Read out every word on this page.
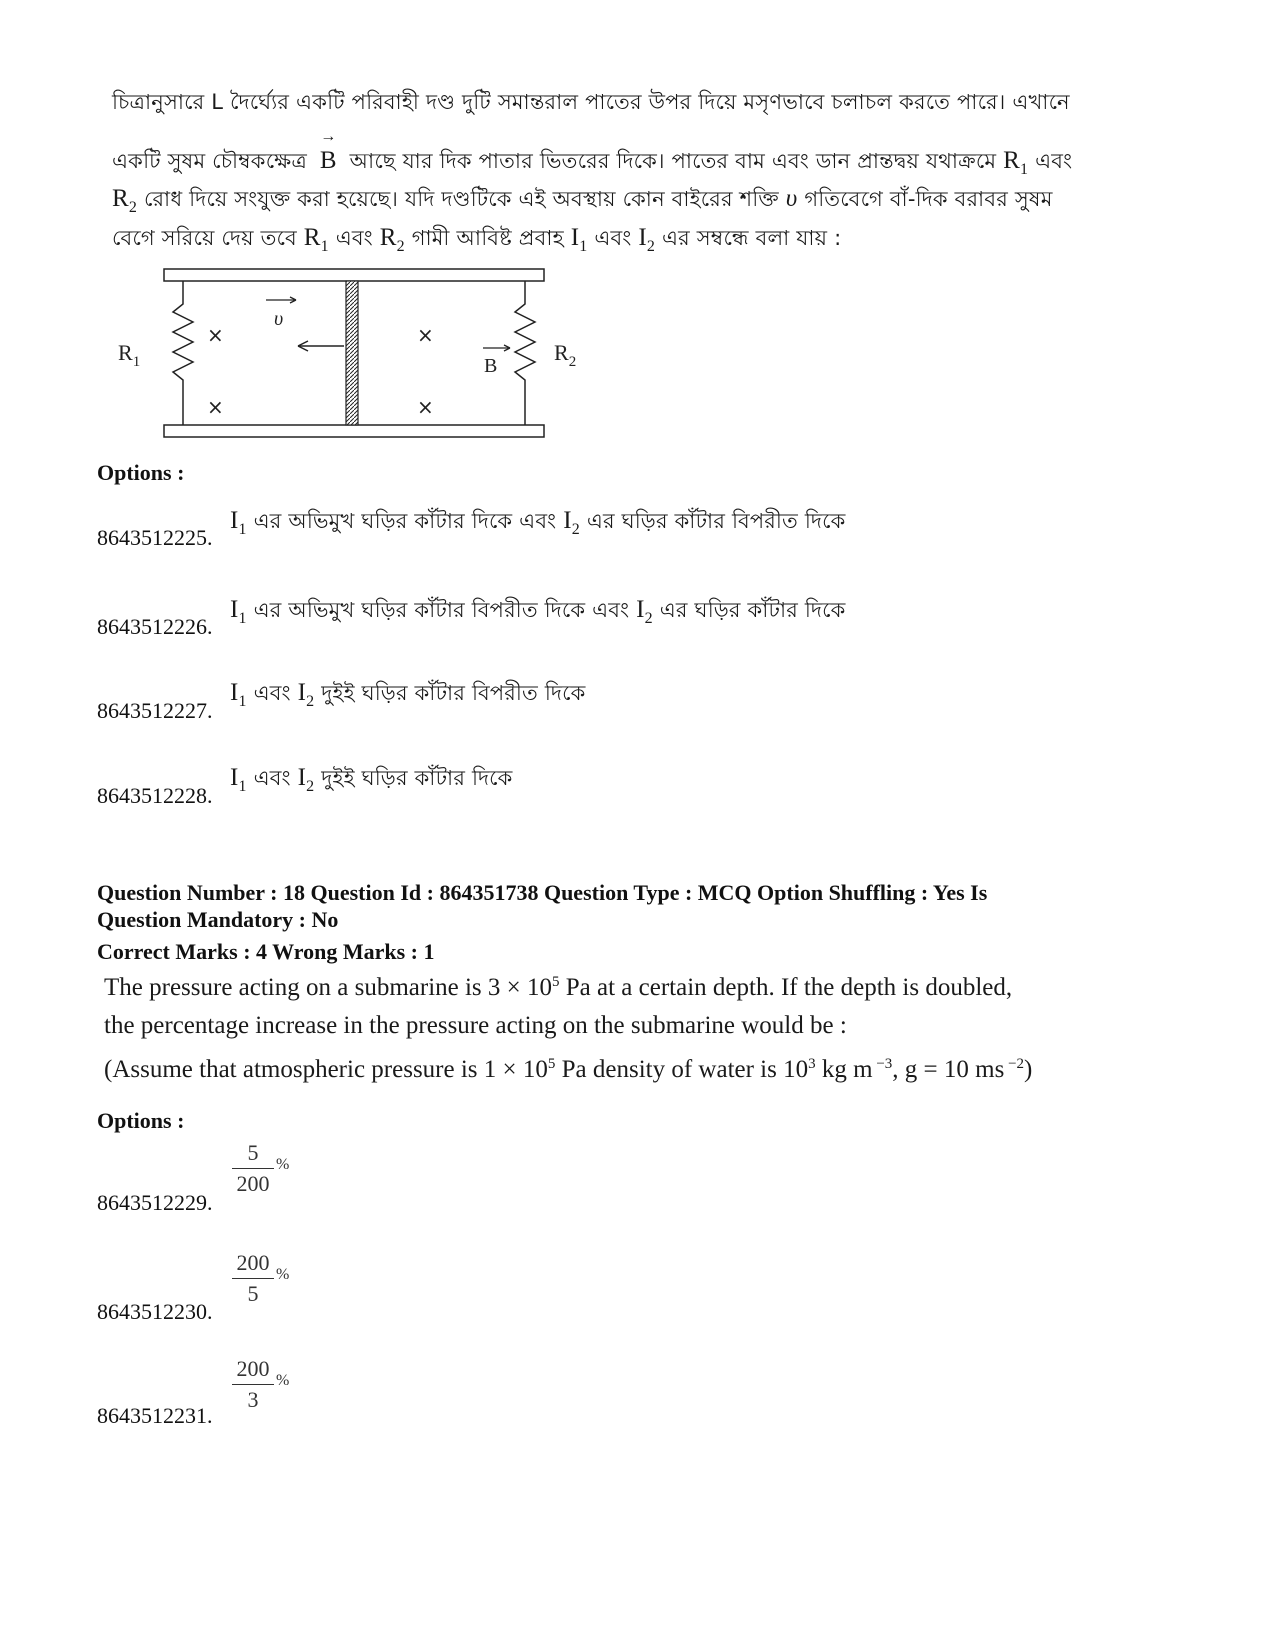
চিত্রানুসারে L দৈর্ঘ্যের একটি পরিবাহী দণ্ড দুটি সমান্তরাল পাতের উপর দিয়ে মসৃণভাবে চলাচল করতে পারে। এখানে
একটি সুষম চৌম্বকক্ষেত্র
→
B আছে যার দিক পাতার ভিতরের দিকে। পাতের বাম এবং ডান প্রান্তদ্বয় যথাক্রমে $R_1$ এবং
$R_2$ রোধ দিয়ে সংযুক্ত করা হয়েছে। যদি দণ্ডটিকে এই অবস্থায় কোন বাইরের শক্তি υ গতিবেগে বাঁ-দিক বরাবর সুষম
বেগে সরিয়ে দেয় তবে $R_1$ এবং $R_2$ গামী আবিষ্ট প্রবাহ $I_1$ এবং $I_2$ এর সম্বন্ধে বলা যায় :
υ
B
$R_1$	$R_2$
×
×
×
×
Options :
8643512225.
$I_1$ এর অভিমুখ ঘড়ির কাঁটার দিকে এবং $I_2$ এর ঘড়ির কাঁটার বিপরীত দিকে
8643512226.
$I_1$ এর অভিমুখ ঘড়ির কাঁটার বিপরীত দিকে এবং $I_2$ এর ঘড়ির কাঁটার দিকে
8643512227.
$I_1$ এবং $I_2$ দুইই ঘড়ির কাঁটার বিপরীত দিকে
8643512228.
$I_1$ এবং $I_2$ দুইই ঘড়ির কাঁটার দিকে
Question Number : 18 Question Id : 864351738 Question Type : MCQ Option Shuffling : Yes Is
Question Mandatory : No
Correct Marks : 4 Wrong Marks : 1
The pressure acting on a submarine is $3 \times 10^5$ Pa at a certain depth. If the depth is doubled,
the percentage increase in the pressure acting on the submarine would be :
(Assume that atmospheric pressure is $1 \times 10^5$ Pa density of water is $10^3$ kg m $^{-3}$, g = 10 ms $^{-2}$)
Options :
8643512229.
5
200
%
8643512230.
200
5
%
8643512231.
200
3
%
